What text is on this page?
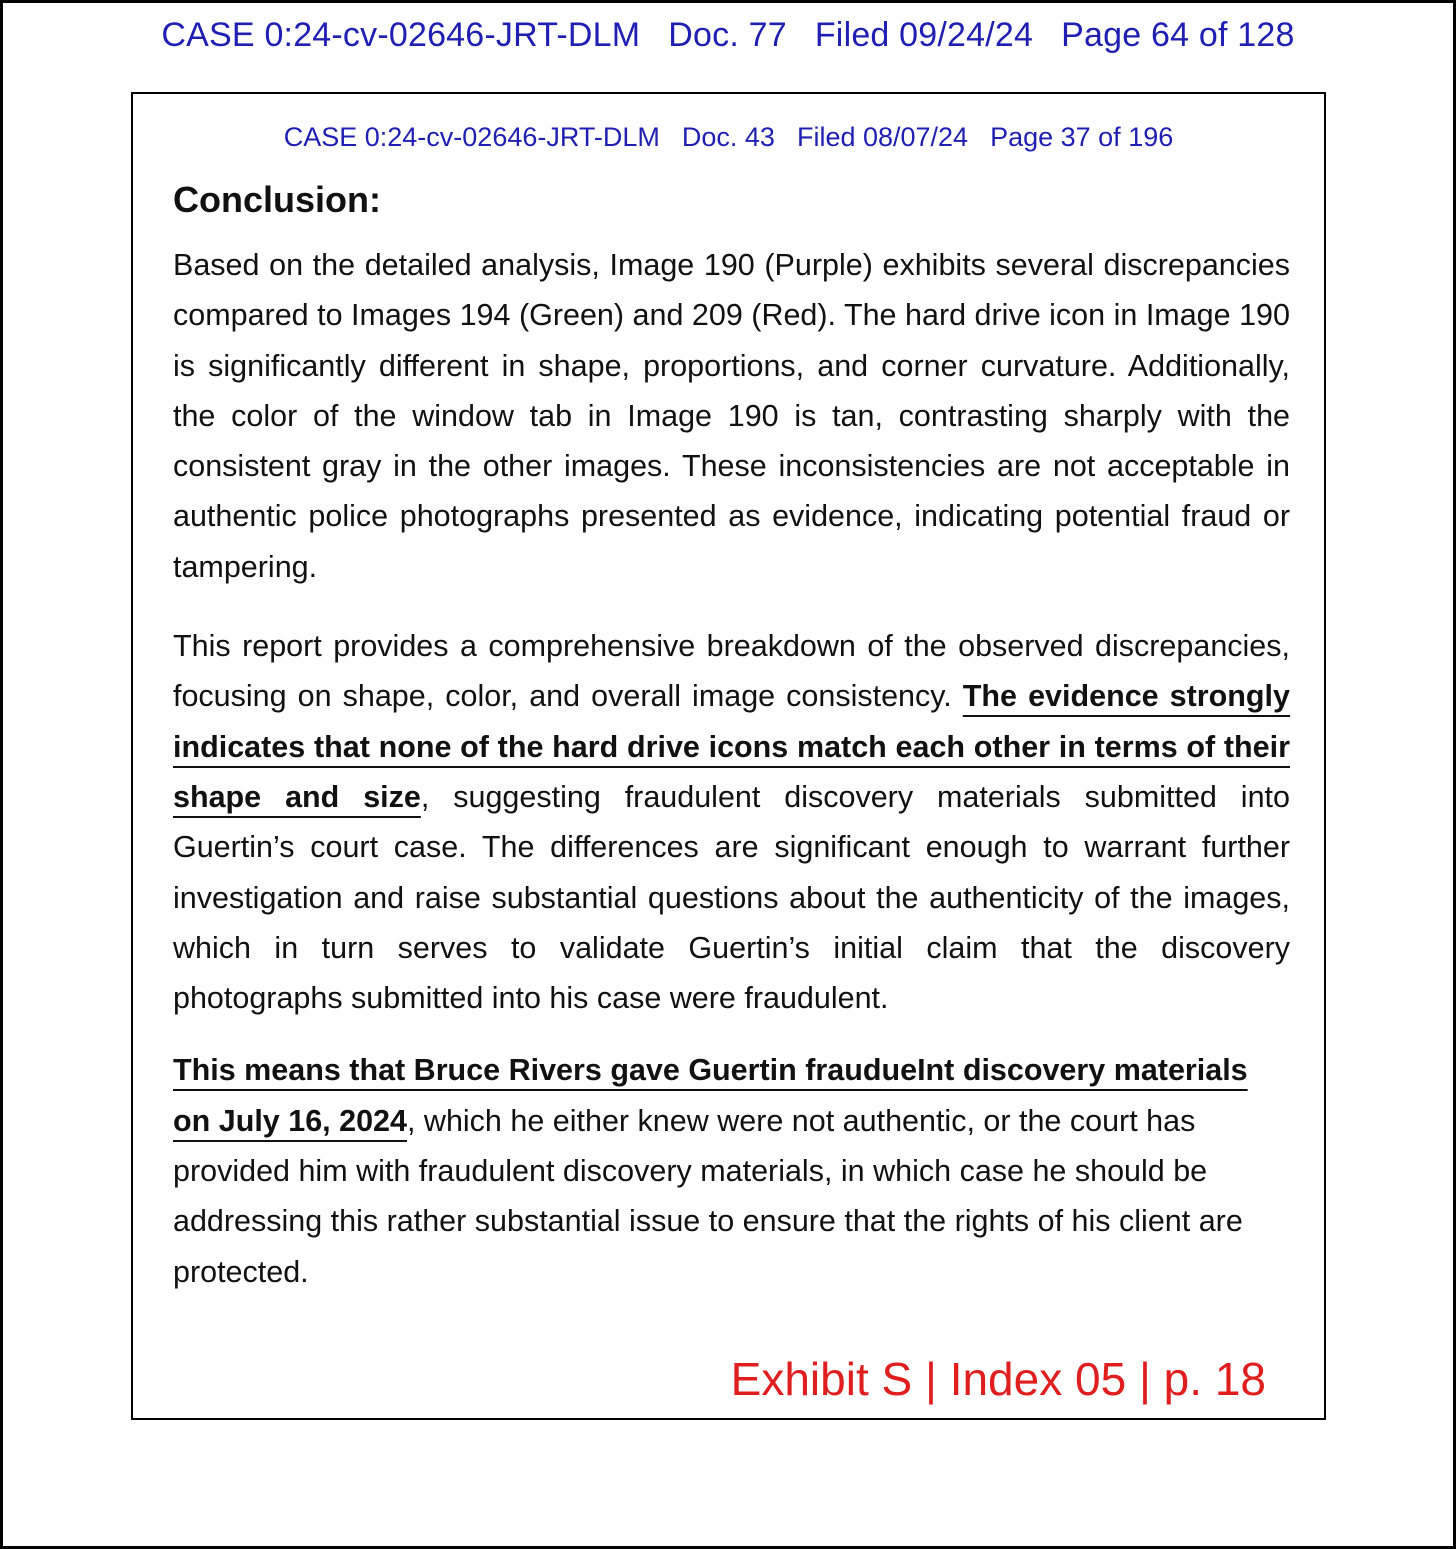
CASE 0:24-cv-02646-JRT-DLM Doc. 77 Filed 09/24/24 Page 64 of 128
CASE 0:24-cv-02646-JRT-DLM Doc. 43 Filed 08/07/24 Page 37 of 196
Conclusion:

Based on the detailed analysis, Image 190 (Purple) exhibits several discrepancies compared to Images 194 (Green) and 209 (Red). The hard drive icon in Image 190 is significantly different in shape, proportions, and corner curvature. Additionally, the color of the window tab in Image 190 is tan, contrasting sharply with the consistent gray in the other images. These inconsistencies are not acceptable in authentic police photographs presented as evidence, indicating potential fraud or tampering.

This report provides a comprehensive breakdown of the observed discrepancies, focusing on shape, color, and overall image consistency. The evidence strongly indicates that none of the hard drive icons match each other in terms of their shape and size, suggesting fraudulent discovery materials submitted into Guertin’s court case. The differences are significant enough to warrant further investigation and raise substantial questions about the authenticity of the images, which in turn serves to validate Guertin’s initial claim that the discovery photographs submitted into his case were fraudulent.

This means that Bruce Rivers gave Guertin fraudueInt discovery materials on July 16, 2024, which he either knew were not authentic, or the court has provided him with fraudulent discovery materials, in which case he should be addressing this rather substantial issue to ensure that the rights of his client are protected.

Exhibit S | Index 05 | p. 18
